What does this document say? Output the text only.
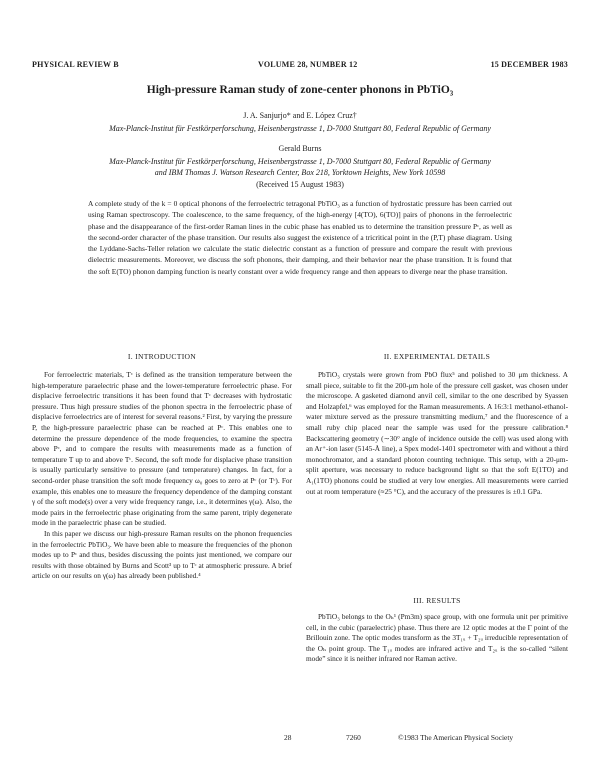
PHYSICAL REVIEW B	VOLUME 28, NUMBER 12	15 DECEMBER 1983
High-pressure Raman study of zone-center phonons in PbTiO₃
J. A. Sanjurjo* and E. López Cruz†
Max-Planck-Institut für Festkörperforschung, Heisenbergstrasse 1, D-7000 Stuttgart 80, Federal Republic of Germany
Gerald Burns
Max-Planck-Institut für Festkörperforschung, Heisenbergstrasse 1, D-7000 Stuttgart 80, Federal Republic of Germany
and IBM Thomas J. Watson Research Center, Box 218, Yorktown Heights, New York 10598
(Received 15 August 1983)
A complete study of the k = 0 optical phonons of the ferroelectric tetragonal PbTiO₃ as a function of hydrostatic pressure has been carried out using Raman spectroscopy. The coalescence, to the same frequency, of the high-energy [4(TO), 6(TO)] pairs of phonons in the ferroelectric phase and the disappearance of the first-order Raman lines in the cubic phase has enabled us to determine the transition pressure Pᶜ, as well as the second-order character of the phase transition. Our results also suggest the existence of a tricritical point in the (P,T) phase diagram. Using the Lyddane-Sachs-Teller relation we calculate the static dielectric constant as a function of pressure and compare the result with previous dielectric measurements. Moreover, we discuss the soft phonons, their damping, and their behavior near the phase transition. It is found that the soft E(TO) phonon damping function is nearly constant over a wide frequency range and then appears to diverge near the phase transition.
I. INTRODUCTION	II. EXPERIMENTAL DETAILS
III. RESULTS

For ferroelectric materials, Tᶜ is defined as the transition temperature between the high-temperature paraelectric phase and the lower-temperature ferroelectric phase. For displacive ferroelectric transitions it has been found that Tᶜ decreases with hydrostatic pressure. Thus high pressure studies of the phonon spectra in the ferroelectric phase of displacive ferroelectrics are of interest for several reasons.² First, by varying the pressure P, the high-pressure paraelectric phase can be reached at Pᶜ. This enables one to determine the pressure dependence of the mode frequencies, to examine the spectra above Pᶜ, and to compare the results with measurements made as a function of temperature T up to and above Tᶜ. Second, the soft mode for displacive phase transition is usually particularly sensitive to pressure (and temperature) changes. In fact, for a second-order phase transition the soft mode frequency ω₀ goes to zero at Pᶜ (or Tᶜ). For example, this enables one to measure the frequency dependence of the damping constant γ of the soft mode(s) over a very wide frequency range, i.e., it determines γ(ω). Also, the mode pairs in the ferroelectric phase originating from the same parent, triply degenerate mode in the paraelectric phase can be studied.

In this paper we discuss our high-pressure Raman results on the phonon frequencies in the ferroelectric PbTiO₃. We have been able to measure the frequencies of the phonon modes up to Pᶜ and thus, besides discussing the points just mentioned, we compare our results with those obtained by Burns and Scott³ up to Tᶜ at atmospheric pressure. A brief article on our results on γ(ω) has already been published.⁴

PbTiO₃ crystals were grown from PbO flux⁵ and polished to 30 μm thickness. A small piece, suitable to fit the 200-μm hole of the pressure cell gasket, was chosen under the microscope. A gasketed diamond anvil cell, similar to the one described by Syassen and Holzapfel,⁶ was employed for the Raman measurements. A 16:3:1 methanol-ethanol-water mixture served as the pressure transmitting medium,⁷ and the fluorescence of a small ruby chip placed near the sample was used for the pressure calibration.⁸ Backscattering geometry (∼30° angle of incidence outside the cell) was used along with an Ar⁺-ion laser (5145-Å line), a Spex model-1401 spectrometer with and without a third monochromator, and a standard photon counting technique. This setup, with a 20-μm-split aperture, was necessary to reduce background light so that the soft E(1TO) and A₁(1TO) phonons could be studied at very low energies. All measurements were carried out at room temperature (≈25 °C), and the accuracy of the pressures is ±0.1 GPa.

PbTiO₃ belongs to the Oₕ¹ (Pm3m) space group, with one formula unit per primitive cell, in the cubic (paraelectric) phase. Thus there are 12 optic modes at the Γ point of the Brillouin zone. The optic modes transform as the 3T₁ᵤ + T₂ᵤ irreducible representation of the Oₕ point group. The T₁ᵤ modes are infrared active and T₂ᵤ is the so-called “silent mode” since it is neither infrared nor Raman active.

28	7260	©1983 The American Physical Society
